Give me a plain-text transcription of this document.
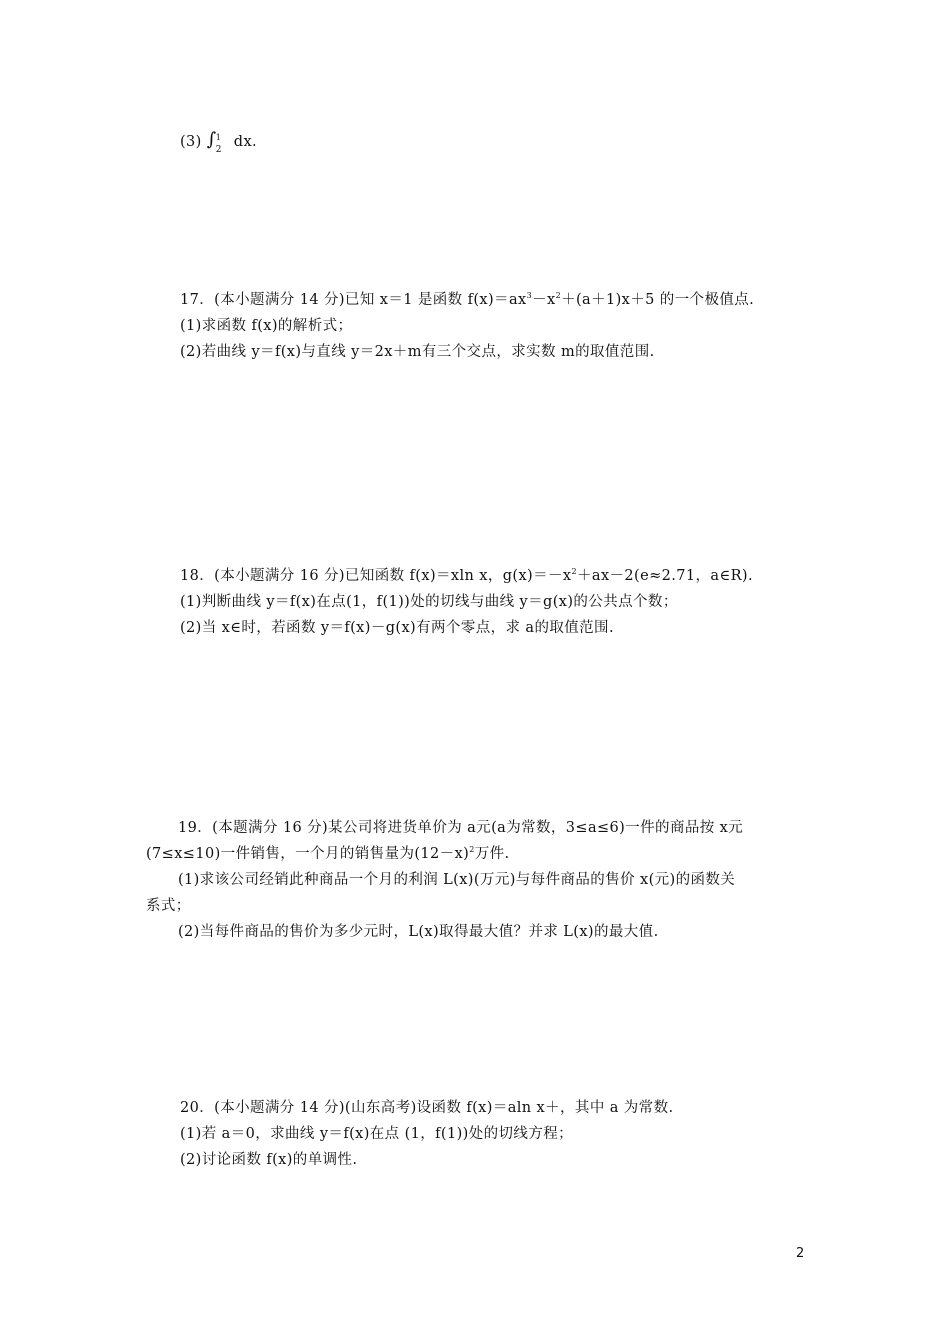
(3) ∫ 1
2 dx.
17．(本小题满分 14 分)已知 x＝1 是函数 $f(x)=ax^3-x^2+(a+1)x+5$ 的一个极值点.
(1)求函数 f(x)的解析式；
(2)若曲线 y＝f(x)与直线 y＝2x＋m有三个交点，求实数 m的取值范围.
18．(本小题满分 16 分)已知函数 f(x)＝xln x，$g(x)=-x^2+ax-2(e\approx 2.71$，a∈R).
(1)判断曲线 y＝f(x)在点(1，f(1))处的切线与曲线 y＝g(x)的公共点个数；
(2)当 x∈时，若函数 y＝f(x)－g(x)有两个零点，求 a的取值范围.
19．(本题满分 16 分)某公司将进货单价为 a元(a为常数，3≤a≤6)一件的商品按 x元
(7≤x≤10)一件销售，一个月的销售量为$(12-x)^2$万件.
(1)求该公司经销此种商品一个月的利润 L(x)(万元)与每件商品的售价 x(元)的函数关
系式；
(2)当每件商品的售价为多少元时，L(x)取得最大值？并求 L(x)的最大值.
20．(本小题满分 14 分)(山东高考)设函数 f(x)＝aln x＋，其中 a 为常数.
(1)若 a＝0，求曲线 y＝f(x)在点 (1，f(1))处的切线方程；
(2)讨论函数 f(x)的单调性.
2
